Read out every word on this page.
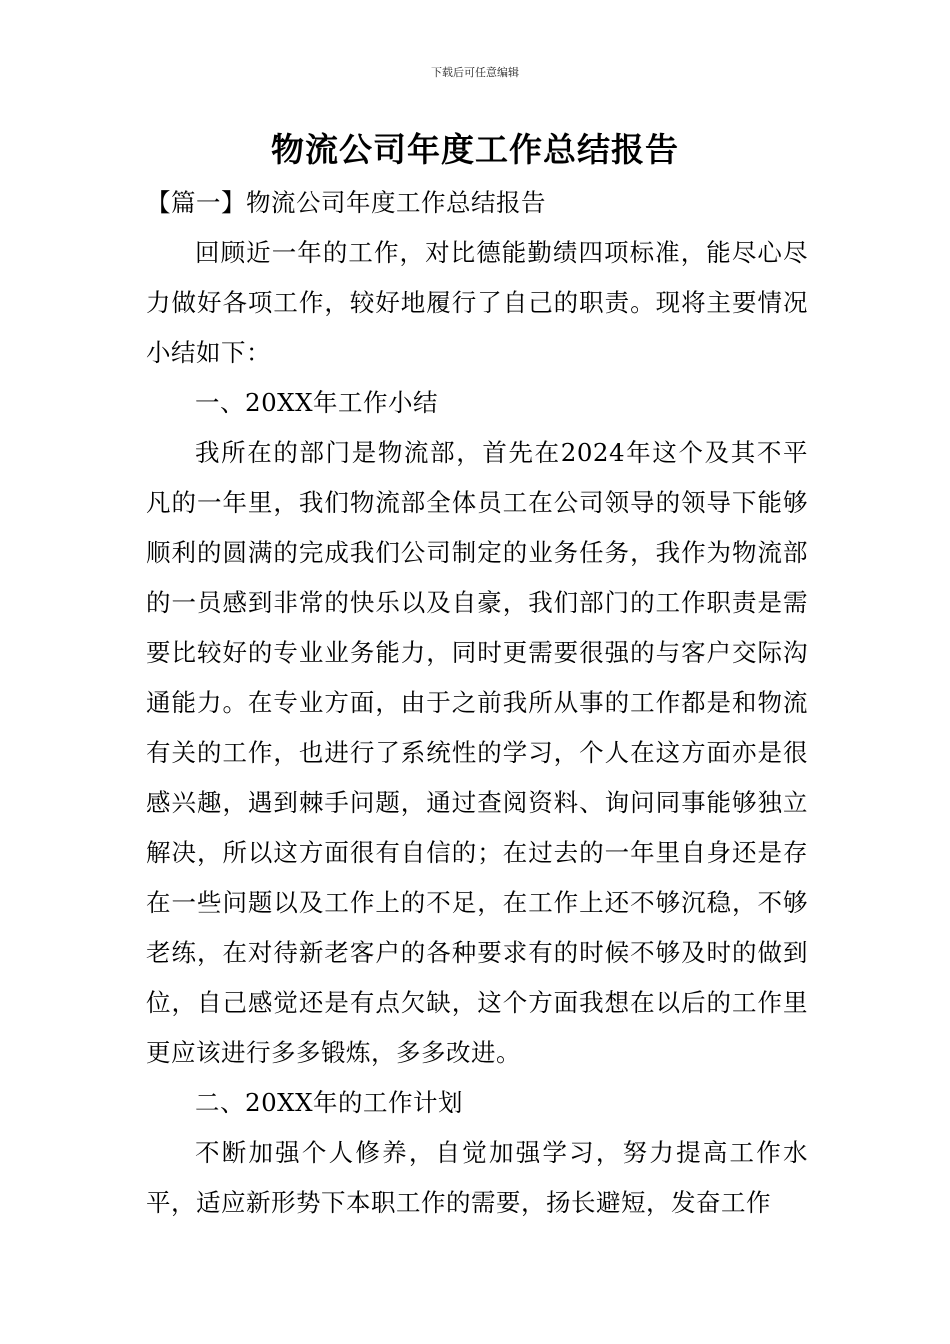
下载后可任意编辑
物流公司年度工作总结报告

【篇一】物流公司年度工作总结报告

回顾近一年的工作，对比德能勤绩四项标准，能尽心尽力做好各项工作，较好地履行了自己的职责。现将主要情况小结如下：

一、20XX年工作小结

我所在的部门是物流部，首先在2024年这个及其不平凡的一年里，我们物流部全体员工在公司领导的领导下能够顺利的圆满的完成我们公司制定的业务任务，我作为物流部的一员感到非常的快乐以及自豪，我们部门的工作职责是需要比较好的专业业务能力，同时更需要很强的与客户交际沟通能力。在专业方面，由于之前我所从事的工作都是和物流有关的工作，也进行了系统性的学习，个人在这方面亦是很感兴趣，遇到棘手问题，通过查阅资料、询问同事能够独立解决，所以这方面很有自信的；在过去的一年里自身还是存在一些问题以及工作上的不足，在工作上还不够沉稳，不够老练，在对待新老客户的各种要求有的时候不够及时的做到位，自己感觉还是有点欠缺，这个方面我想在以后的工作里更应该进行多多锻炼，多多改进。

二、20XX年的工作计划

不断加强个人修养，自觉加强学习，努力提高工作水平，适应新形势下本职工作的需要，扬长避短，发奋工作
